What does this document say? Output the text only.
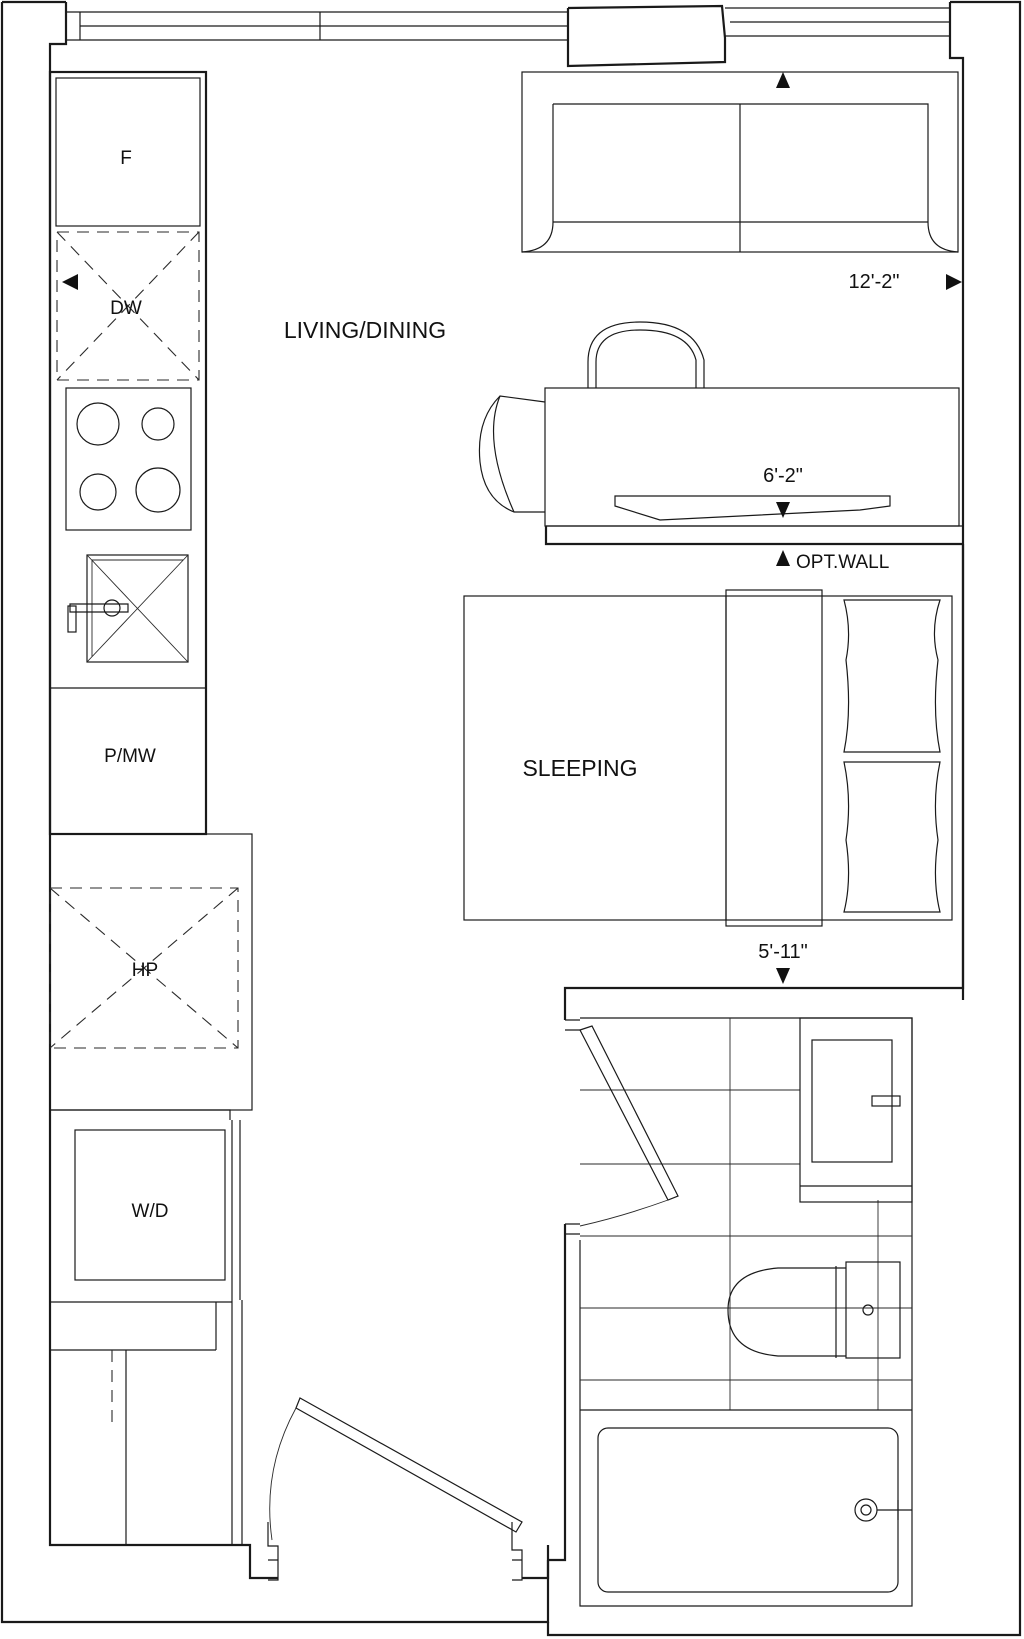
F
DW
P/MW
HP
W/D
12'-2"
LIVING/DINING
6'-2"
OPT.WALL
SLEEPING
5'-11"
